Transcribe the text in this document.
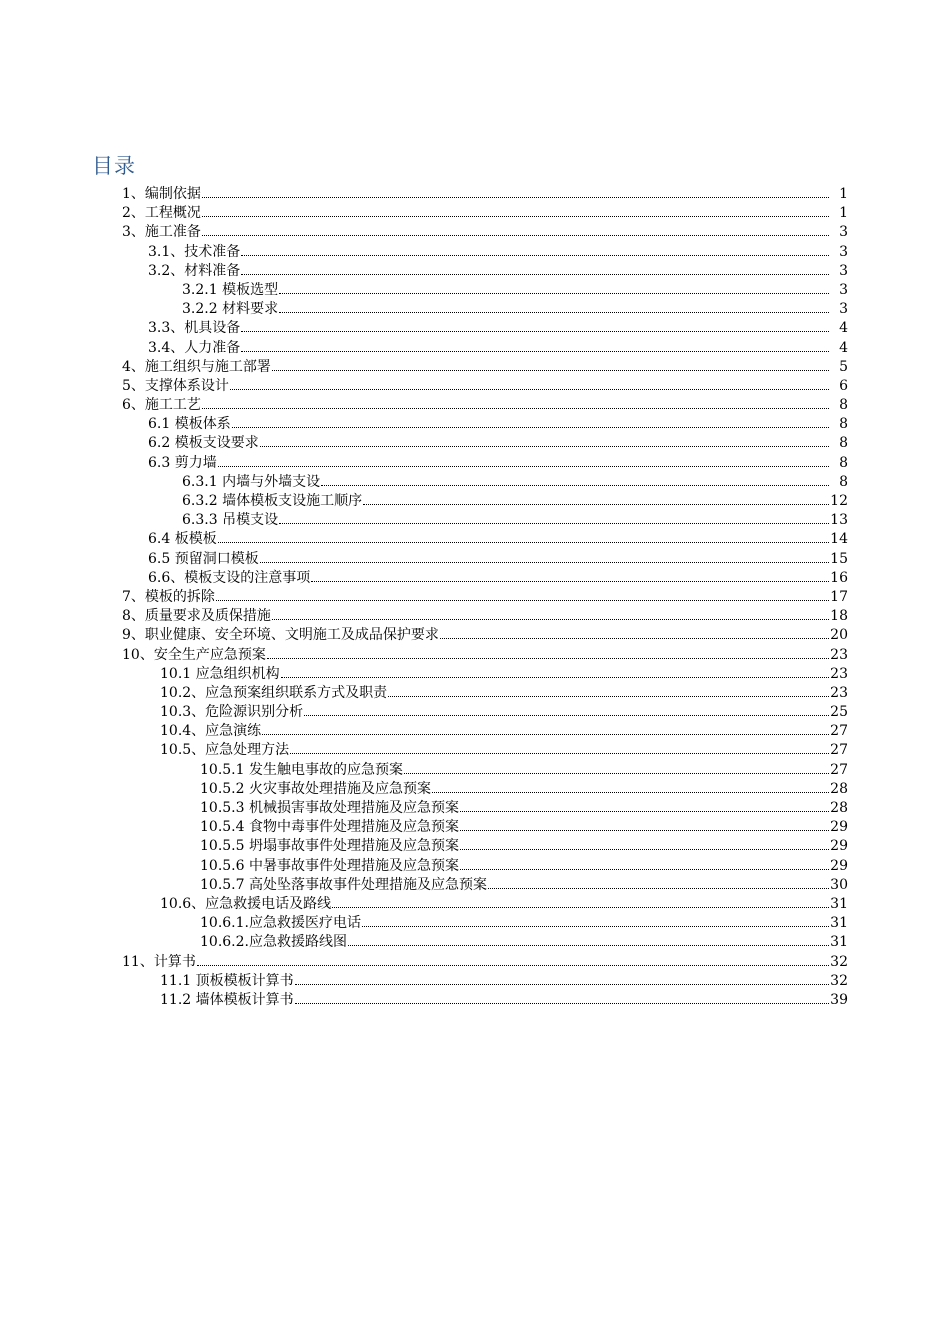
目录
1、编制依据	1
2、工程概况	1
3、施工准备	3
3.1、技术准备	3
3.2、材料准备	3
3.2.1 模板选型	3
3.2.2 材料要求	3
3.3、机具设备	4
3.4、人力准备	4
4、施工组织与施工部署	5
5、支撑体系设计	6
6、施工工艺	8
6.1 模板体系	8
6.2 模板支设要求	8
6.3 剪力墙	8
6.3.1 内墙与外墙支设	8
6.3.2 墙体模板支设施工顺序	12
6.3.3 吊模支设	13
6.4 板模板	14
6.5 预留洞口模板	15
6.6、模板支设的注意事项	16
7、模板的拆除	17
8、质量要求及质保措施	18
9、职业健康、安全环境、文明施工及成品保护要求	20
10、安全生产应急预案	23
10.1 应急组织机构	23
10.2、应急预案组织联系方式及职责	23
10.3、危险源识别分析	25
10.4、应急演练	27
10.5、应急处理方法	27
10.5.1 发生触电事故的应急预案	27
10.5.2 火灾事故处理措施及应急预案	28
10.5.3 机械损害事故处理措施及应急预案	28
10.5.4 食物中毒事件处理措施及应急预案	29
10.5.5 坍塌事故事件处理措施及应急预案	29
10.5.6 中暑事故事件处理措施及应急预案	29
10.5.7 高处坠落事故事件处理措施及应急预案	30
10.6、应急救援电话及路线	31
10.6.1.应急救援医疗电话	31
10.6.2.应急救援路线图	31
11、计算书	32
11.1 顶板模板计算书	32
11.2 墙体模板计算书	39
